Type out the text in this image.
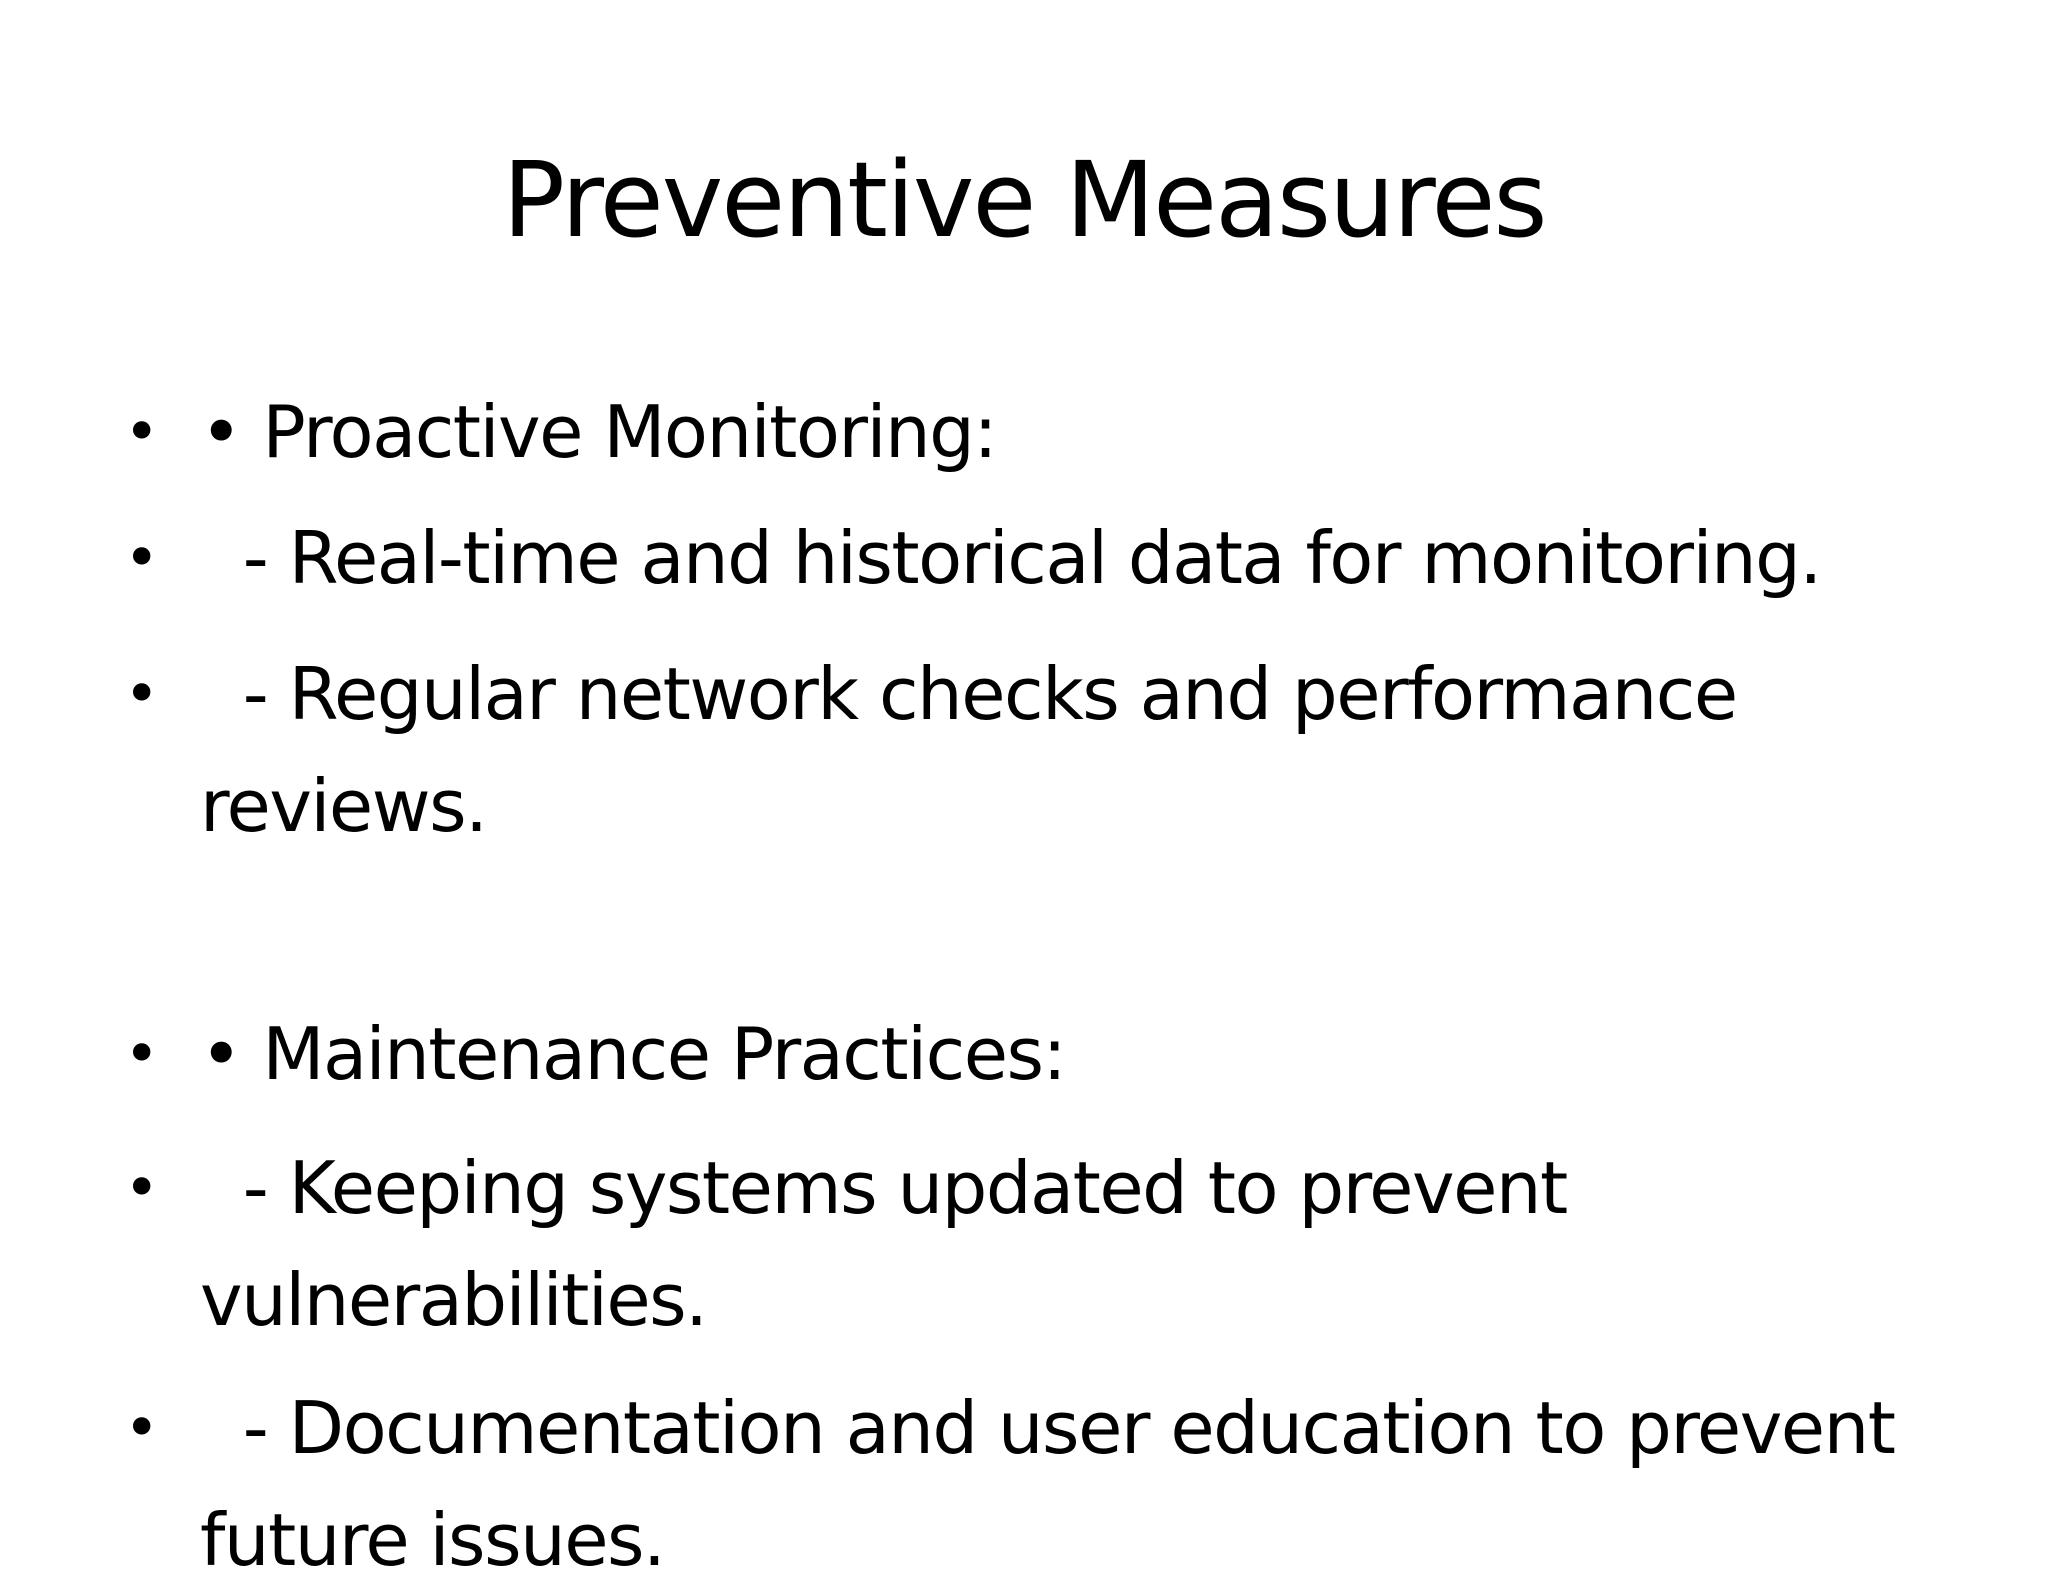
Preventive Measures
• • Proactive Monitoring:
• - Real-time and historical data for monitoring.
• - Regular network checks and performance reviews.
• • Maintenance Practices:
• - Keeping systems updated to prevent vulnerabilities.
• - Documentation and user education to prevent future issues.
